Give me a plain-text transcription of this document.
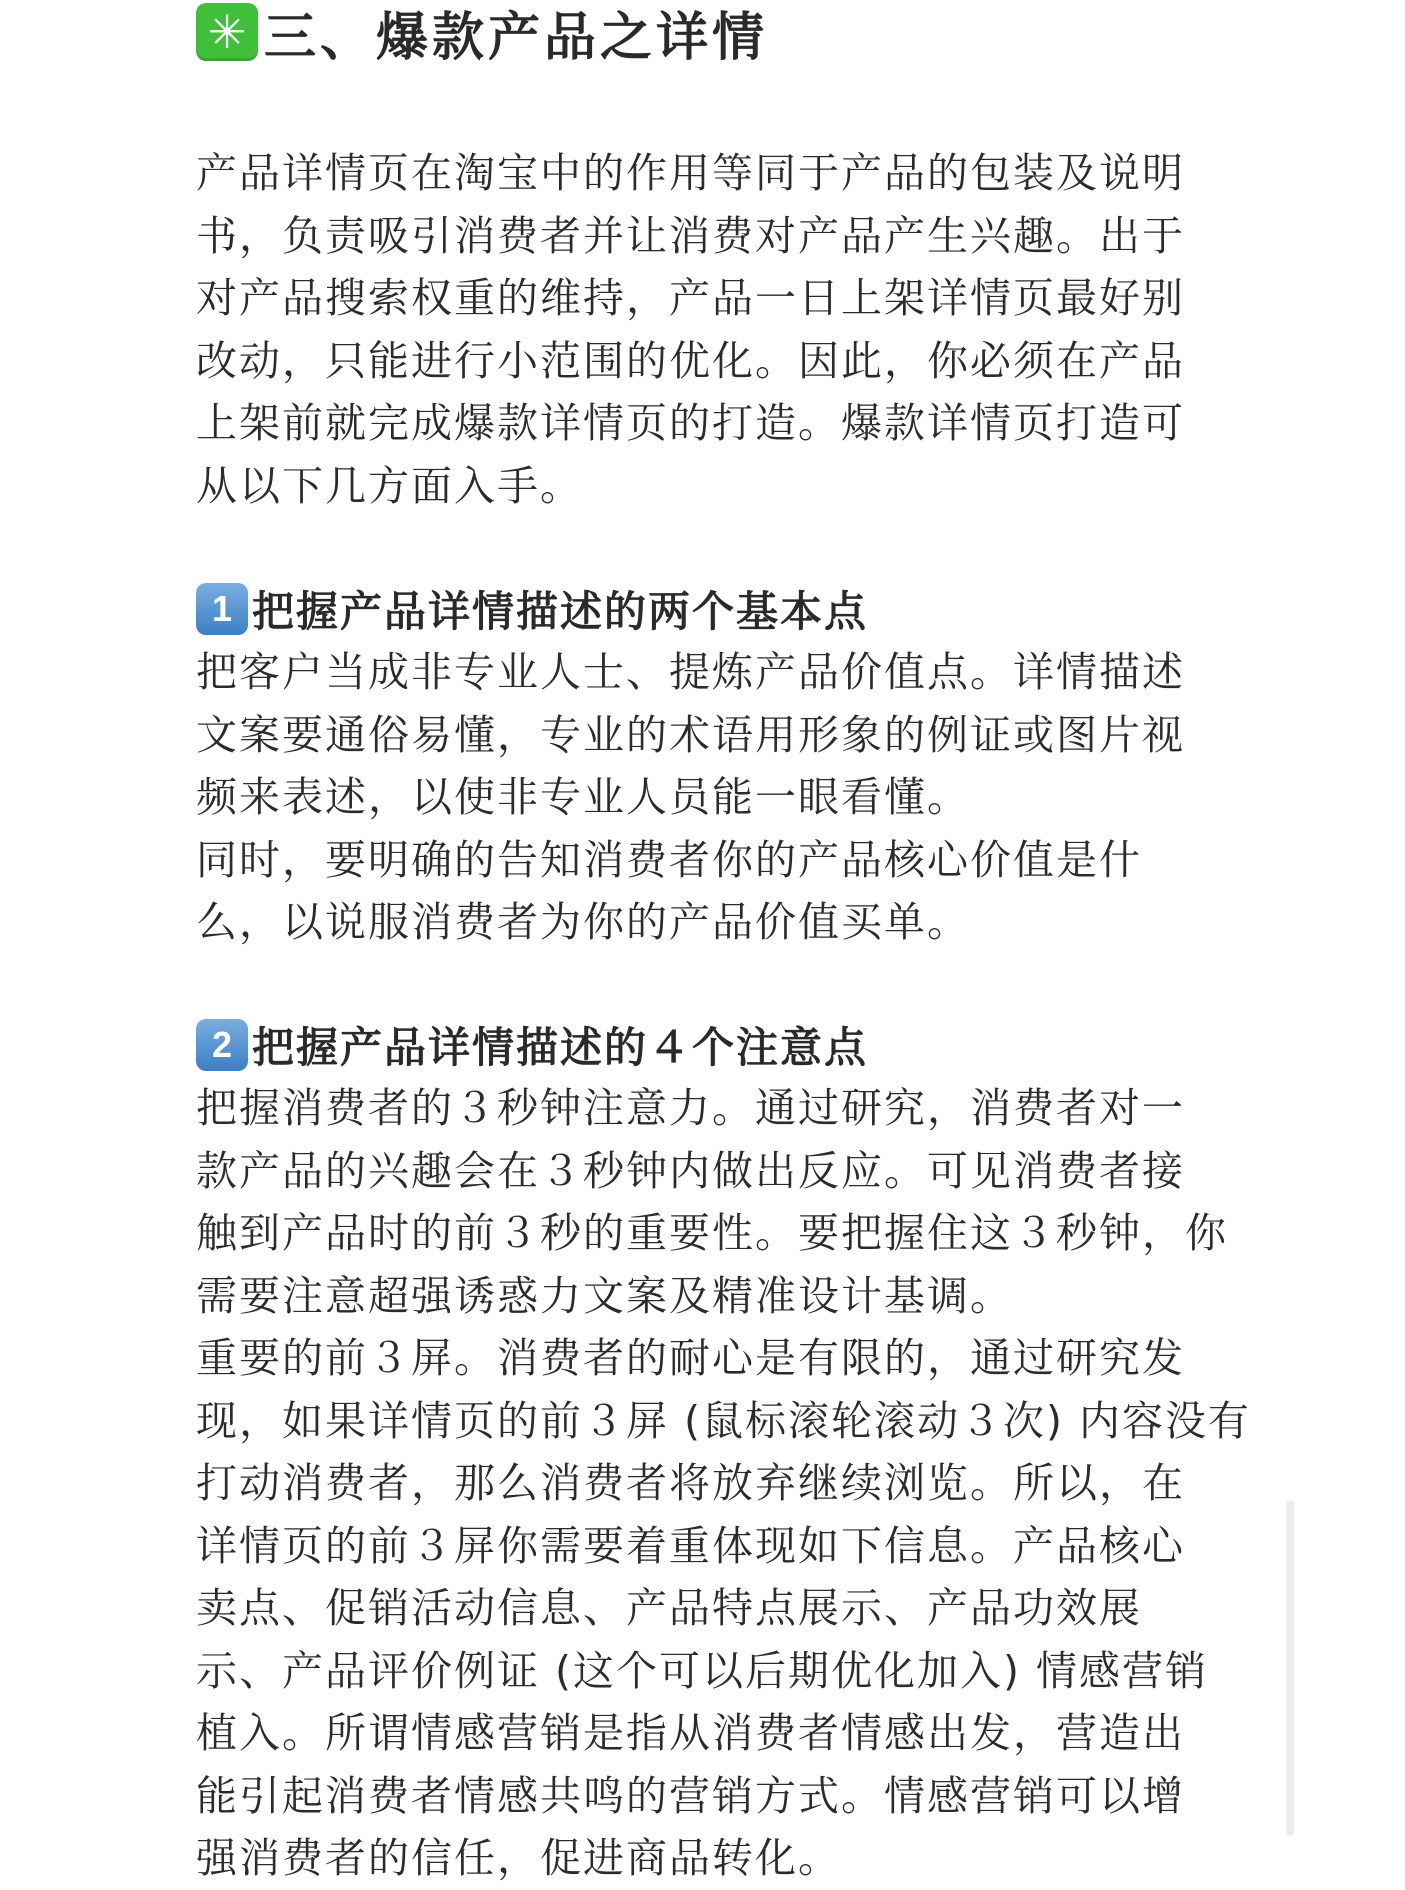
✳ 三、爆款产品之详情

产品详情页在淘宝中的作用等同于产品的包装及说明
书，负责吸引消费者并让消费对产品产生兴趣。出于
对产品搜索权重的维持，产品一日上架详情页最好别
改动，只能进行小范围的优化。因此，你必须在产品
上架前就完成爆款详情页的打造。爆款详情页打造可
从以下几方面入手。

1 把握产品详情描述的两个基本点

把客户当成非专业人士、提炼产品价值点。详情描述
文案要通俗易懂，专业的术语用形象的例证或图片视
频来表述，以使非专业人员能一眼看懂。
同时，要明确的告知消费者你的产品核心价值是什
么，以说服消费者为你的产品价值买单。

2 把握产品详情描述的４个注意点

把握消费者的３秒钟注意力。通过研究，消费者对一
款产品的兴趣会在３秒钟内做出反应。可见消费者接
触到产品时的前３秒的重要性。要把握住这３秒钟，你
需要注意超强诱惑力文案及精准设计基调。
重要的前３屏。消费者的耐心是有限的，通过研究发
现，如果详情页的前３屏 (鼠标滚轮滚动３次) 内容没有
打动消费者，那么消费者将放弃继续浏览。所以，在
详情页的前３屏你需要着重体现如下信息。产品核心
卖点、促销活动信息、产品特点展示、产品功效展
示、产品评价例证 (这个可以后期优化加入) 情感营销
植入。所谓情感营销是指从消费者情感出发，营造出
能引起消费者情感共鸣的营销方式。情感营销可以增
强消费者的信任，促进商品转化。
